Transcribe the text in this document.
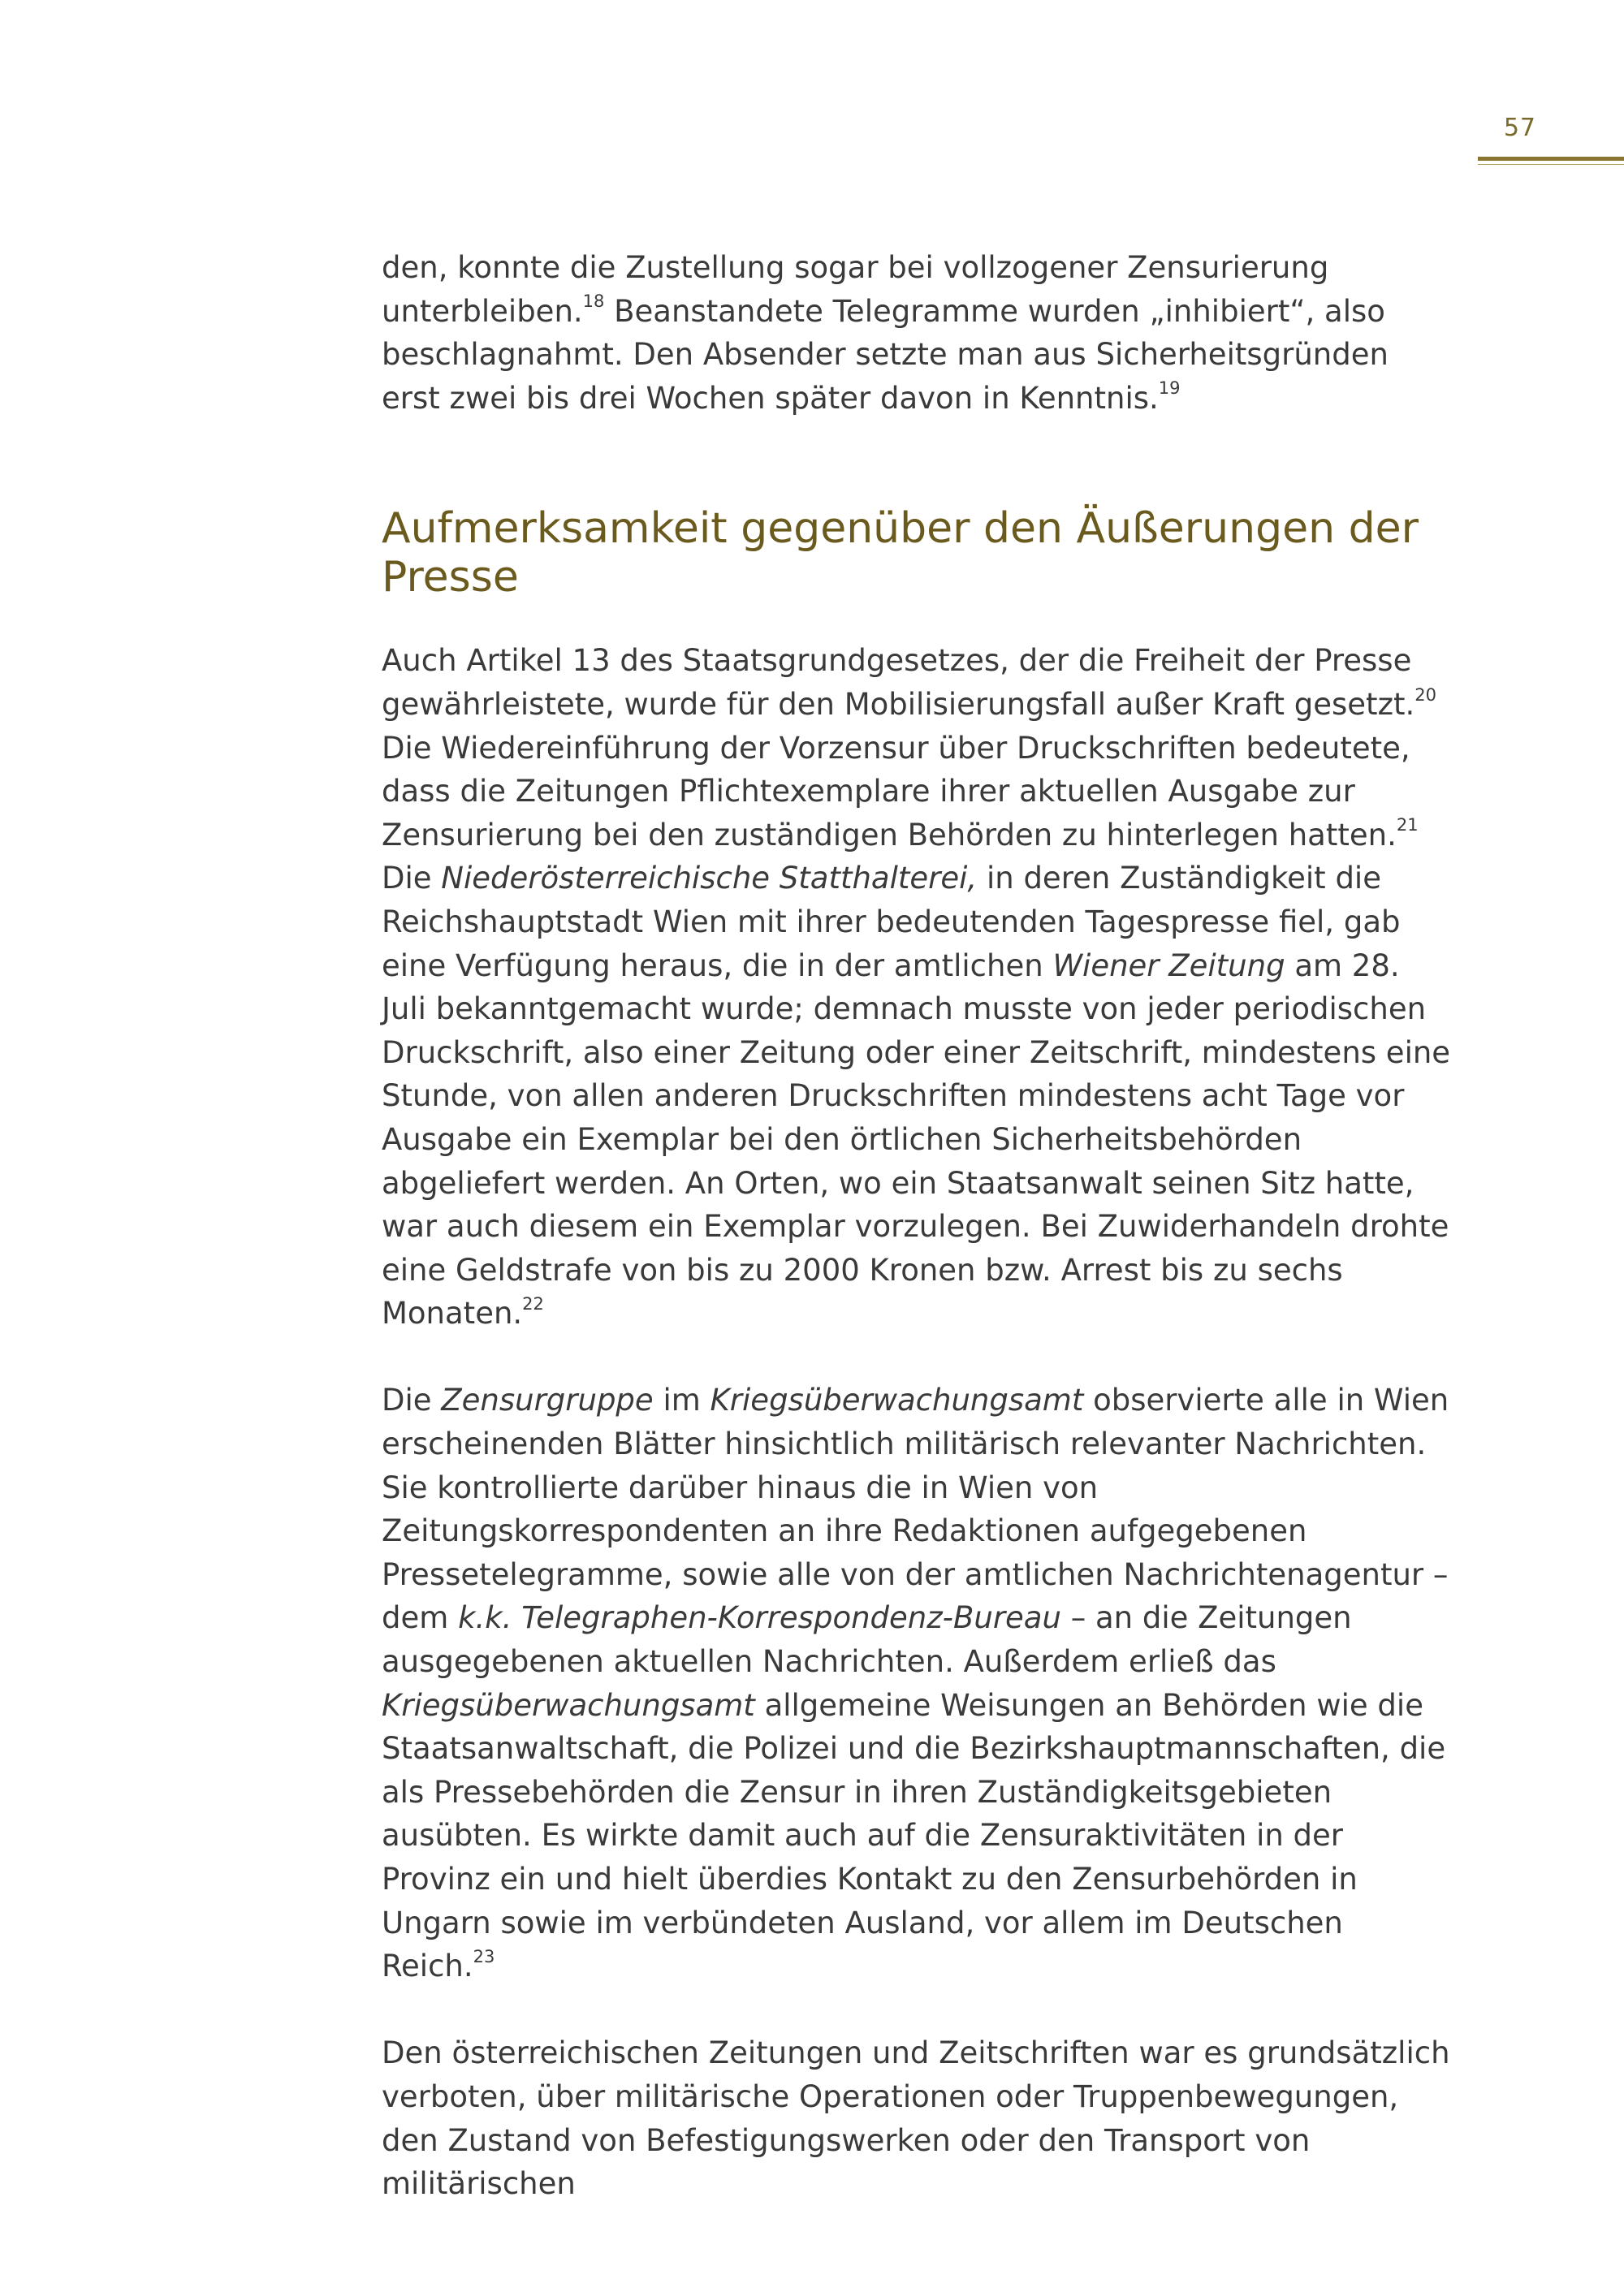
57

den, konnte die Zustellung sogar bei vollzogener Zensurierung unterbleiben.$^{18}$ Beanstandete Telegramme wurden „inhibiert“, also beschlagnahmt. Den Absender setzte man aus Sicherheitsgründen erst zwei bis drei Wochen später davon in Kenntnis.$^{19}$

Aufmerksamkeit gegenüber den Äußerungen der Presse

Auch Artikel 13 des Staatsgrundgesetzes, der die Freiheit der Presse gewährleistete, wurde für den Mobilisierungsfall außer Kraft gesetzt.$^{20}$ Die Wiedereinführung der Vorzensur über Druckschriften bedeutete, dass die Zeitungen Pflichtexemplare ihrer aktuellen Ausgabe zur Zensurierung bei den zuständigen Behörden zu hinterlegen hatten.$^{21}$ Die Niederösterreichische Statthalterei, in deren Zuständigkeit die Reichshauptstadt Wien mit ihrer bedeutenden Tagespresse fiel, gab eine Verfügung heraus, die in der amtlichen Wiener Zeitung am 28. Juli bekanntgemacht wurde; demnach musste von jeder periodischen Druckschrift, also einer Zeitung oder einer Zeitschrift, mindestens eine Stunde, von allen anderen Druckschriften mindestens acht Tage vor Ausgabe ein Exemplar bei den örtlichen Sicherheitsbehörden abgeliefert werden. An Orten, wo ein Staatsanwalt seinen Sitz hatte, war auch diesem ein Exemplar vorzulegen. Bei Zuwiderhandeln drohte eine Geldstrafe von bis zu 2000 Kronen bzw. Arrest bis zu sechs Monaten.$^{22}$

Die Zensurgruppe im Kriegsüberwachungsamt observierte alle in Wien erscheinenden Blätter hinsichtlich militärisch relevanter Nachrichten. Sie kontrollierte darüber hinaus die in Wien von Zeitungskorrespondenten an ihre Redaktionen aufgegebenen Pressetelegramme, sowie alle von der amtlichen Nachrichtenagentur – dem k.k. Telegraphen-Korrespondenz-Bureau – an die Zeitungen ausgegebenen aktuellen Nachrichten. Außerdem erließ das Kriegsüberwachungsamt allgemeine Weisungen an Behörden wie die Staatsanwaltschaft, die Polizei und die Bezirkshauptmannschaften, die als Pressebehörden die Zensur in ihren Zuständigkeitsgebieten ausübten. Es wirkte damit auch auf die Zensuraktivitäten in der Provinz ein und hielt überdies Kontakt zu den Zensurbehörden in Ungarn sowie im verbündeten Ausland, vor allem im Deutschen Reich.$^{23}$

Den österreichischen Zeitungen und Zeitschriften war es grundsätzlich verboten, über militärische Operationen oder Truppenbewegungen, den Zustand von Befestigungswerken oder den Transport von militärischen
